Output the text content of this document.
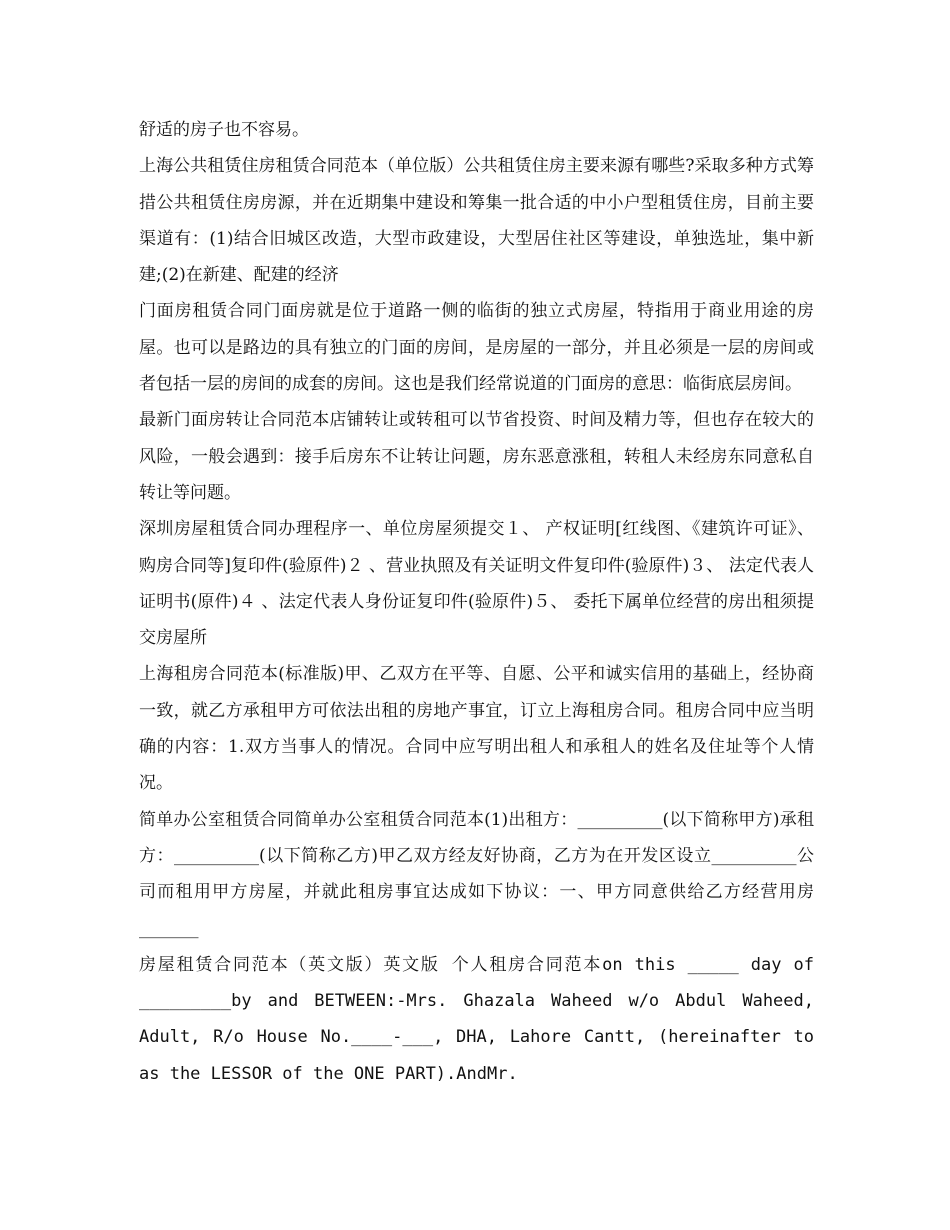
舒适的房子也不容易。

上海公共租赁住房租赁合同范本（单位版）公共租赁住房主要来源有哪些?采取多种方式筹措公共租赁住房房源，并在近期集中建设和筹集一批合适的中小户型租赁住房，目前主要渠道有：(1)结合旧城区改造，大型市政建设，大型居住社区等建设，单独选址，集中新建;(2)在新建、配建的经济

门面房租赁合同门面房就是位于道路一侧的临街的独立式房屋，特指用于商业用途的房屋。也可以是路边的具有独立的门面的房间，是房屋的一部分，并且必须是一层的房间或者包括一层的房间的成套的房间。这也是我们经常说道的门面房的意思：临街底层房间。

最新门面房转让合同范本店铺转让或转租可以节省投资、时间及精力等，但也存在较大的风险，一般会遇到：接手后房东不让转让问题，房东恶意涨租，转租人未经房东同意私自转让等问题。

深圳房屋租赁合同办理程序一、单位房屋须提交１、 产权证明[红线图、《建筑许可证》、购房合同等]复印件(验原件)２ 、营业执照及有关证明文件复印件(验原件)３、 法定代表人证明书(原件)４ 、法定代表人身份证复印件(验原件)５、 委托下属单位经营的房出租须提交房屋所

上海租房合同范本(标准版)甲、乙双方在平等、自愿、公平和诚实信用的基础上，经协商一致，就乙方承租甲方可依法出租的房地产事宜，订立上海租房合同。租房合同中应当明确的内容：1.双方当事人的情况。合同中应写明出租人和承租人的姓名及住址等个人情况。

简单办公室租赁合同简单办公室租赁合同范本(1)出租方：__________(以下简称甲方)承租方：__________(以下简称乙方)甲乙双方经友好协商，乙方为在开发区设立__________公司而租用甲方房屋，并就此租房事宜达成如下协议：一、甲方同意供给乙方经营用房_______

房屋租赁合同范本（英文版）英文版 个人租房合同范本on this _____ day of _________by and BETWEEN:-Mrs. Ghazala Waheed w/o Abdul Waheed, Adult, R/o House No.____-___, DHA, Lahore Cantt, (hereinafter to as the LESSOR of the ONE PART).AndMr.
